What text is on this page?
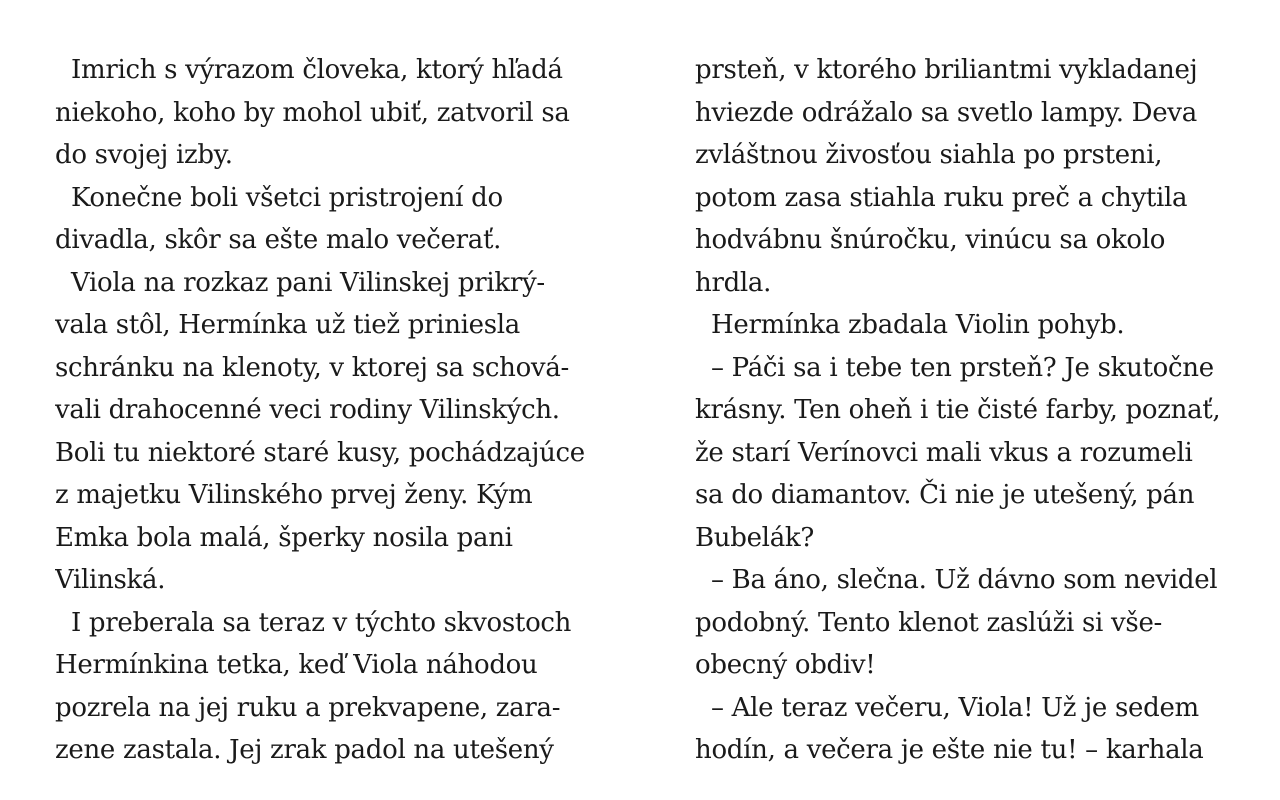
Imrich s výrazom človeka, ktorý hľadá
niekoho, koho by mohol ubiť, zatvoril sa
do svojej izby.
Konečne boli všetci pristrojení do
divadla, skôr sa ešte malo večerať.
Viola na rozkaz pani Vilinskej prikrý-
vala stôl, Hermínka už tiež priniesla
schránku na klenoty, v ktorej sa schová-
vali drahocenné veci rodiny Vilinských.
Boli tu niektoré staré kusy, pochádzajúce
z majetku Vilinského prvej ženy. Kým
Emka bola malá, šperky nosila pani
Vilinská.
I preberala sa teraz v týchto skvostoch
Hermínkina tetka, keď Viola náhodou
pozrela na jej ruku a prekvapene, zara-
zene zastala. Jej zrak padol na utešený
prsteň, v ktorého briliantmi vykladanej
hviezde odrážalo sa svetlo lampy. Deva
zvláštnou živosťou siahla po prsteni,
potom zasa stiahla ruku preč a chytila
hodvábnu šnúročku, vinúcu sa okolo
hrdla.
Hermínka zbadala Violin pohyb.
– Páči sa i tebe ten prsteň? Je skutočne
krásny. Ten oheň i tie čisté farby, poznať,
že starí Verínovci mali vkus a rozumeli
sa do diamantov. Či nie je utešený, pán
Bubelák?
– Ba áno, slečna. Už dávno som nevidel
podobný. Tento klenot zaslúži si vše-
obecný obdiv!
– Ale teraz večeru, Viola! Už je sedem
hodín, a večera je ešte nie tu! – karhala
